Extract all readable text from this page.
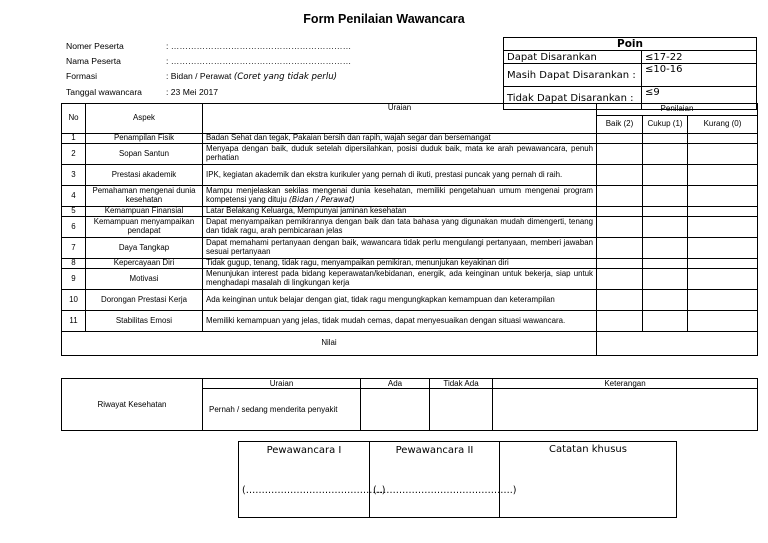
Form Penilaian Wawancara
Nomer Peserta	: ………………………………………………………
Nama Peserta	: ………………………………………………………
Formasi	: Bidan / Perawat (Coret yang tidak perlu)
Tanggal wawancara	: 23 Mei 2017
Poin	
Dapat Disarankan	≤17-22
Masih Dapat Disarankan :	≤10-16
Tidak Dapat Disarankan :	≤9
No	Aspek	Uraian	Penilaian		
			Baik (2)	Cukup (1)	Kurang (0)
1	Penampilan Fisik	Badan Sehat dan tegak, Pakaian bersih dan rapih, wajah segar dan bersemangat			
2	Sopan Santun	Menyapa dengan baik, duduk setelah dipersilahkan, posisi duduk baik, mata ke arah pewawancara, penuh perhatian			
3	Prestasi akademik	IPK, kegiatan akademik dan ekstra kurikuler yang pernah di ikuti, prestasi puncak yang pernah di raih.			
4	Pemahaman mengenai dunia kesehatan	Mampu menjelaskan sekilas mengenai dunia kesehatan, memiliki pengetahuan umum mengenai program kompetensi yang dituju (Bidan / Perawat)			
5	Kemampuan Finansial	Latar Belakang Keluarga, Mempunyai jaminan kesehatan			
6	Kemampuan menyampaikan pendapat	Dapat menyampaikan pemikirannya dengan baik dan tata bahasa yang digunakan mudah dimengerti, tenang dan tidak ragu, arah pembicaraan jelas			
7	Daya Tangkap	Dapat memahami pertanyaan dengan baik, wawancara tidak perlu mengulangi pertanyaan, memberi jawaban sesuai pertanyaan			
8	Kepercayaan Diri	Tidak gugup, tenang, tidak ragu, menyampaikan pemikiran, menunjukan keyakinan diri			
9	Motivasi	Menunjukan interest pada bidang keperawatan/kebidanan, energik, ada keinginan untuk bekerja, siap untuk menghadapi masalah di lingkungan kerja			
10	Dorongan Prestasi Kerja	Ada keinginan untuk belajar dengan giat, tidak ragu mengungkapkan kemampuan dan keterampilan			
11	Stabilitas Emosi	Memiliki kemampuan yang jelas, tidak mudah cemas, dapat menyesuaikan dengan situasi wawancara.			
Nilai					
Riwayat Kesehatan	Uraian	Ada	Tidak Ada	Keterangan
	Pernah / sedang menderita penyakit			
Pewawancara I
(…………………………………….)

Pewawancara II
(…………………………………….)

Catatan khusus
